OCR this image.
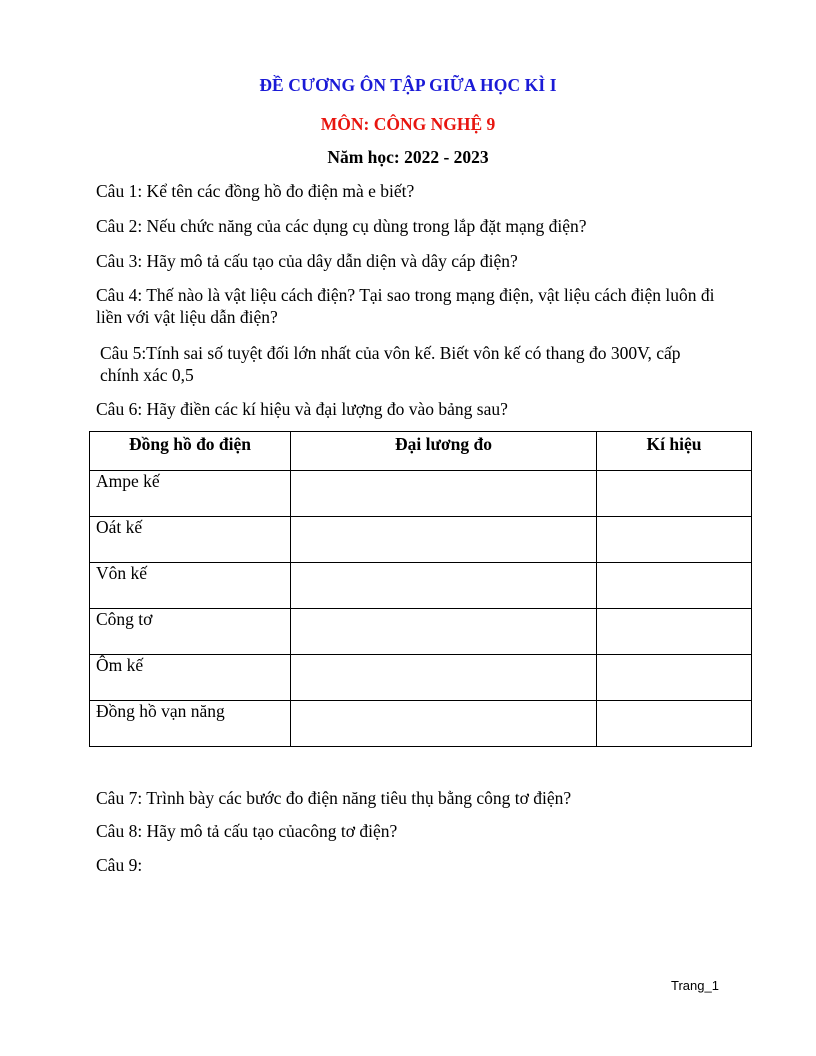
ĐỀ CƯƠNG ÔN TẬP GIỮA HỌC KÌ I
MÔN: CÔNG NGHỆ 9
Năm học: 2022 - 2023
Câu 1: Kể tên các đồng hồ đo điện mà e biết?
Câu 2: Nếu chức năng của các dụng cụ dùng trong lắp đặt mạng điện?
Câu 3: Hãy mô tả cấu tạo của dây dẫn diện và dây cáp điện?
Câu 4: Thế nào là vật liệu cách điện? Tại sao trong mạng điện, vật liệu cách điện luôn đi liền với vật liệu dẫn điện?
Câu 5:Tính sai số tuyệt đối lớn nhất của vôn kế. Biết vôn kế có thang đo 300V, cấp chính xác 0,5
Câu 6: Hãy điền các kí hiệu và đại lượng đo vào bảng sau?
Đồng hồ đo điện	Đại lương đo	Kí hiệu
Ampe kế		
Oát kế		
Vôn kế		
Công tơ		
Ôm kế		
Đồng hồ vạn năng		
Câu 7: Trình bày các bước đo điện năng tiêu thụ bằng công tơ điện?
Câu 8: Hãy mô tả cấu tạo củacông tơ điện?
Câu 9:
Trang_1
